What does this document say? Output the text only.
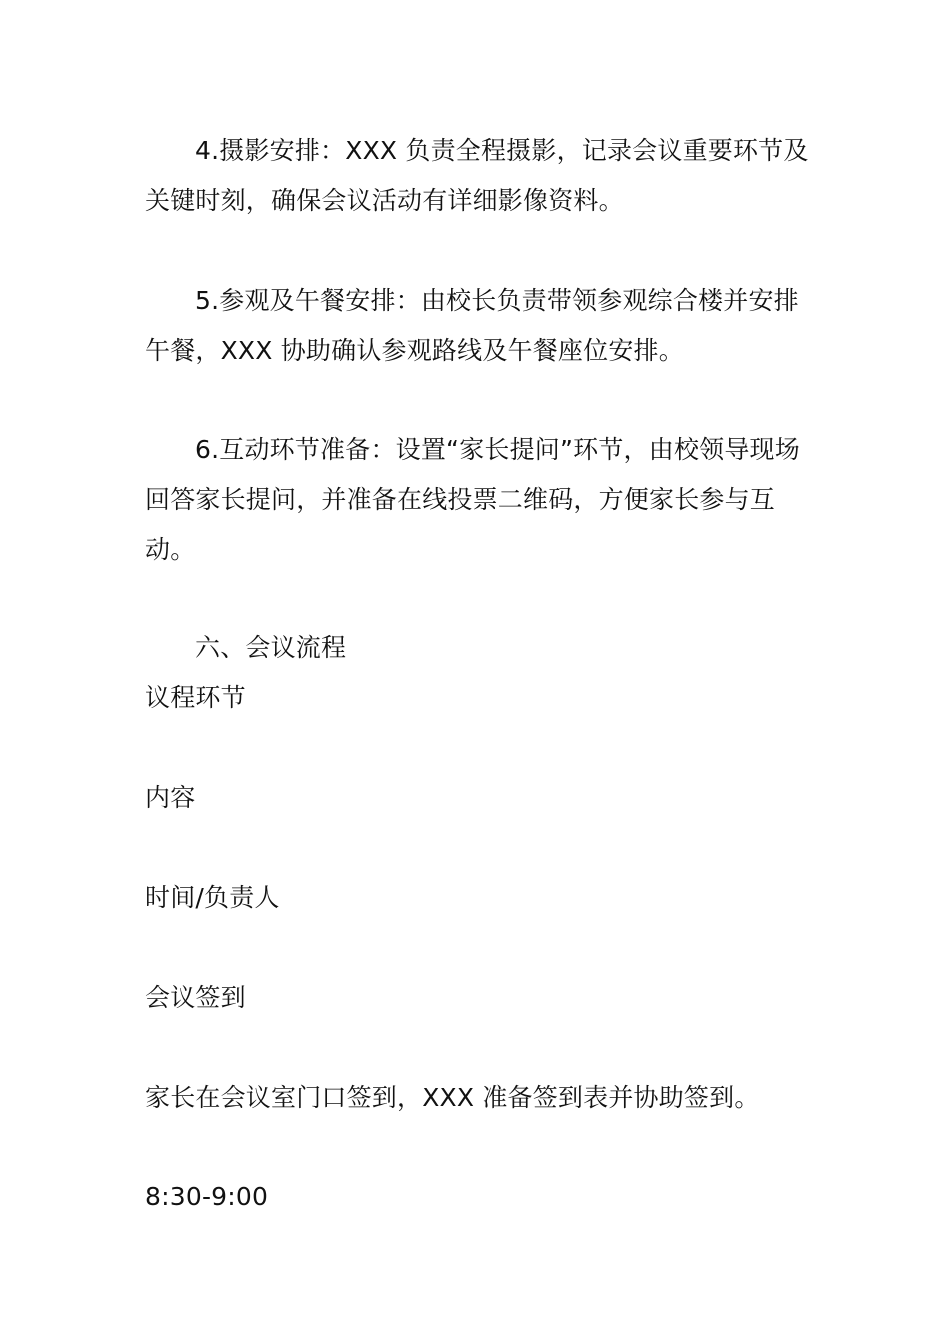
4.摄影安排：XXX 负责全程摄影，记录会议重要环节及关键时刻，确保会议活动有详细影像资料。

5.参观及午餐安排：由校长负责带领参观综合楼并安排午餐，XXX 协助确认参观路线及午餐座位安排。

6.互动环节准备：设置“家长提问”环节，由校领导现场回答家长提问，并准备在线投票二维码，方便家长参与互动。

六、会议流程
议程环节
内容
时间/负责人
会议签到
家长在会议室门口签到，XXX 准备签到表并协助签到。
8:30-9:00
